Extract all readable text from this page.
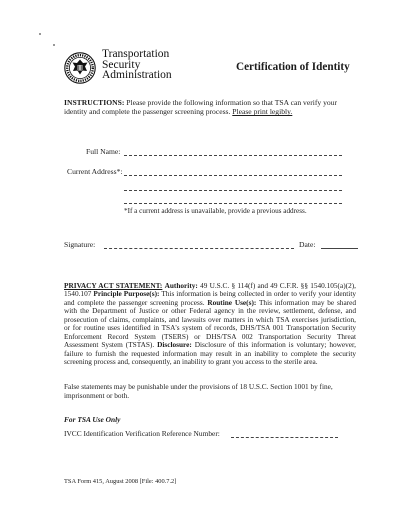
Transportation
Security
Administration
Certification of Identity
INSTRUCTIONS: Please provide the following information so that TSA can verify your identity and complete the passenger screening process. Please print legibly.
Full Name:
Current Address*:
*If a current address is unavailable, provide a previous address.
Signature:	Date:
PRIVACY ACT STATEMENT: Authority: 49 U.S.C. § 114(f) and 49 C.F.R. §§ 1540.105(a)(2), 1540.107 Principle Purpose(s): This information is being collected in order to verify your identity and complete the passenger screening process. Routine Use(s): This information may be shared with the Department of Justice or other Federal agency in the review, settlement, defense, and prosecution of claims, complaints, and lawsuits over matters in which TSA exercises jurisdiction, or for routine uses identified in TSA's system of records, DHS/TSA 001 Transportation Security Enforcement Record System (TSERS) or DHS/TSA 002 Transportation Security Threat Assessment System (TSTAS). Disclosure: Disclosure of this information is voluntary; however, failure to furnish the requested information may result in an inability to complete the security screening process and, consequently, an inability to grant you access to the sterile area.
False statements may be punishable under the provisions of 18 U.S.C. Section 1001 by fine, imprisonment or both.
For TSA Use Only
IVCC Identification Verification Reference Number:
TSA Form 415, August 2008 [File: 400.7.2]
